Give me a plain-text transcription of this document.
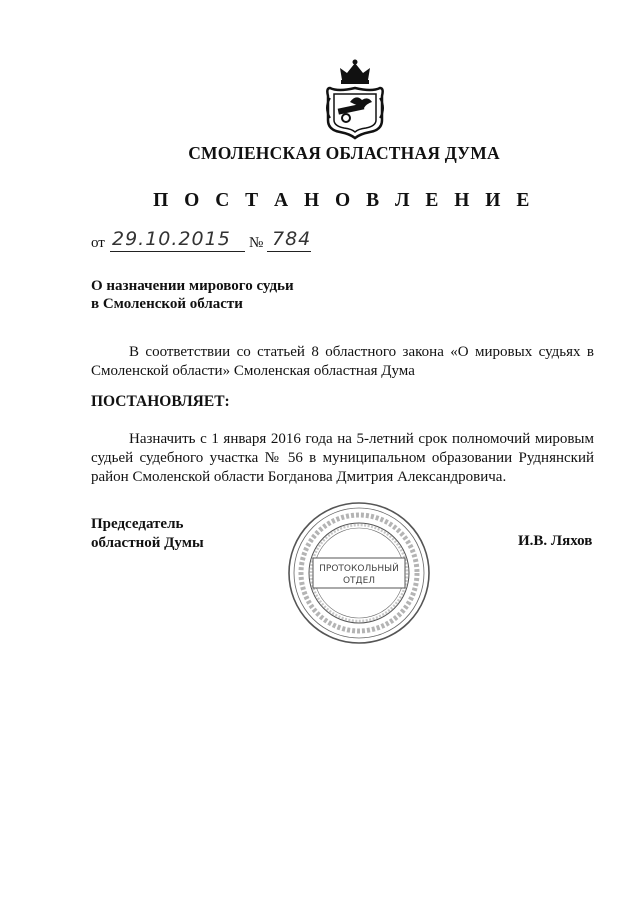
СМОЛЕНСКАЯ ОБЛАСТНАЯ ДУМА
П О С Т А Н О В Л Е Н И Е
от 29.10.2015 № 784
О назначении мирового судьи
в Смоленской области
В соответствии со статьей 8 областного закона «О мировых судьях в Смоленской области» Смоленская областная Дума
ПОСТАНОВЛЯЕТ:
Назначить с 1 января 2016 года на 5-летний срок полномочий мировым судьей судебного участка № 56 в муниципальном образовании Руднянский район Смоленской области Богданова Дмитрия Александровича.
Председатель
областной Думы
ПРОТОКОЛЬНЫЙ
ОТДЕЛ
И.В. Ляхов
